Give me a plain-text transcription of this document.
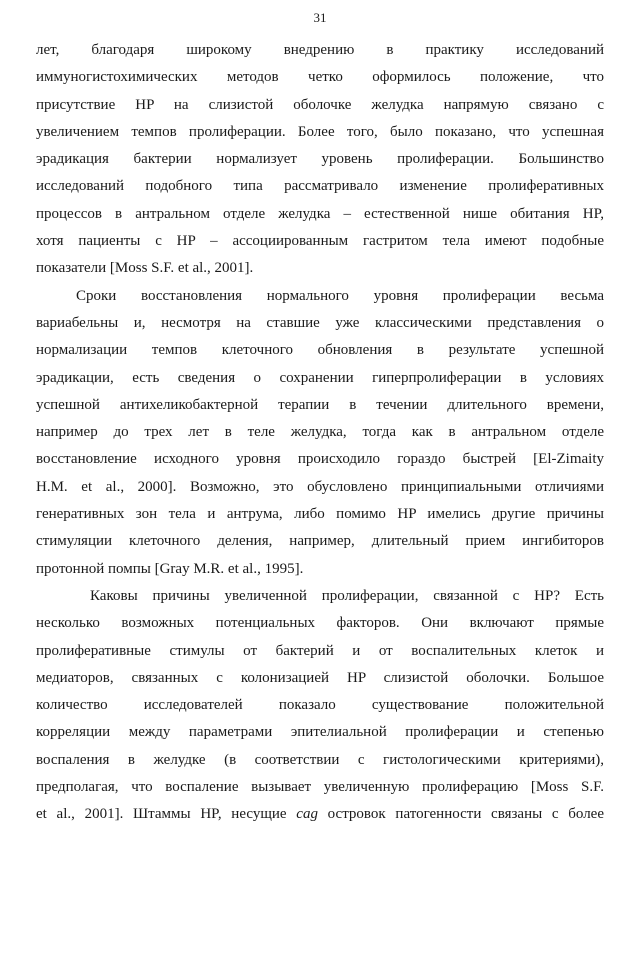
31
лет, благодаря широкому внедрению в практику исследований
иммуногистохимических методов четко оформилось положение, что
присутствие HP на слизистой оболочке желудка напрямую связано с
увеличением темпов пролиферации. Более того, было показано, что успешная
эрадикация бактерии нормализует уровень пролиферации. Большинство
исследований подобного типа рассматривало изменение пролиферативных
процессов в антральном отделе желудка – естественной нише обитания HP,
хотя пациенты с HP – ассоциированным гастритом тела имеют подобные
показатели [Moss S.F. et al., 2001].
Сроки восстановления нормального уровня пролиферации весьма
вариабельны и, несмотря на ставшие уже классическими представления о
нормализации темпов клеточного обновления в результате успешной
эрадикации, есть сведения о сохранении гиперпролиферации в условиях
успешной антихеликобактерной терапии в течении длительного времени,
например до трех лет в теле желудка, тогда как в антральном отделе
восстановление исходного уровня происходило гораздо быстрей [El-Zimaity
H.M. et al., 2000]. Возможно, это обусловлено принципиальными отличиями
генеративных зон тела и антрума, либо помимо HP имелись другие причины
стимуляции клеточного деления, например, длительный прием ингибиторов
протонной помпы [Gray M.R. et al., 1995].
Каковы причины увеличенной пролиферации, связанной с HP? Есть
несколько возможных потенциальных факторов. Они включают прямые
пролиферативные стимулы от бактерий и от воспалительных клеток и
медиаторов, связанных с колонизацией HP слизистой оболочки. Большое
количество исследователей показало существование положительной
корреляции между параметрами эпителиальной пролиферации и степенью
воспаления в желудке (в соответствии с гистологическими критериями),
предполагая, что воспаление вызывает увеличенную пролиферацию [Moss S.F.
et al., 2001]. Штаммы HP, несущие cag островок патогенности связаны с более
